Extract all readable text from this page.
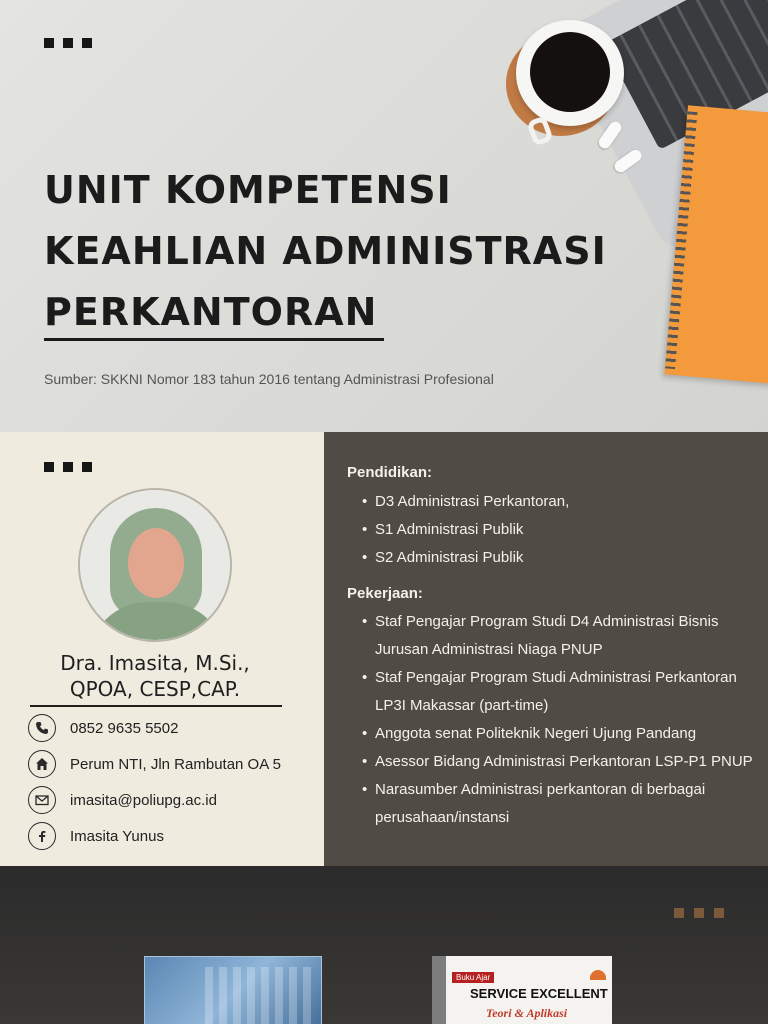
UNIT KOMPETENSI
KEAHLIAN ADMINISTRASI
PERKANTORAN

Sumber: SKKNI Nomor 183 tahun 2016 tentang Administrasi Profesional

Dra. Imasita, M.Si.,
QPOA, CESP,CAP.
0852 9635 5502
Perum NTI, Jln Rambutan OA 5
imasita@poliupg.ac.id
Imasita Yunus
Pendidikan:
• D3 Administrasi Perkantoran,
• S1 Administrasi Publik
• S2 Administrasi Publik
Pekerjaan:
• Staf Pengajar Program Studi D4 Administrasi Bisnis Jurusan Administrasi Niaga PNUP
• Staf Pengajar Program Studi Administrasi Perkantoran LP3I Makassar (part-time)
• Anggota senat Politeknik Negeri Ujung Pandang
• Asessor Bidang Administrasi Perkantoran LSP-P1 PNUP
• Narasumber Administrasi perkantoran di berbagai perusahaan/instansi
Buku Ajar
SERVICE EXCELLENT
Teori & Aplikasi
